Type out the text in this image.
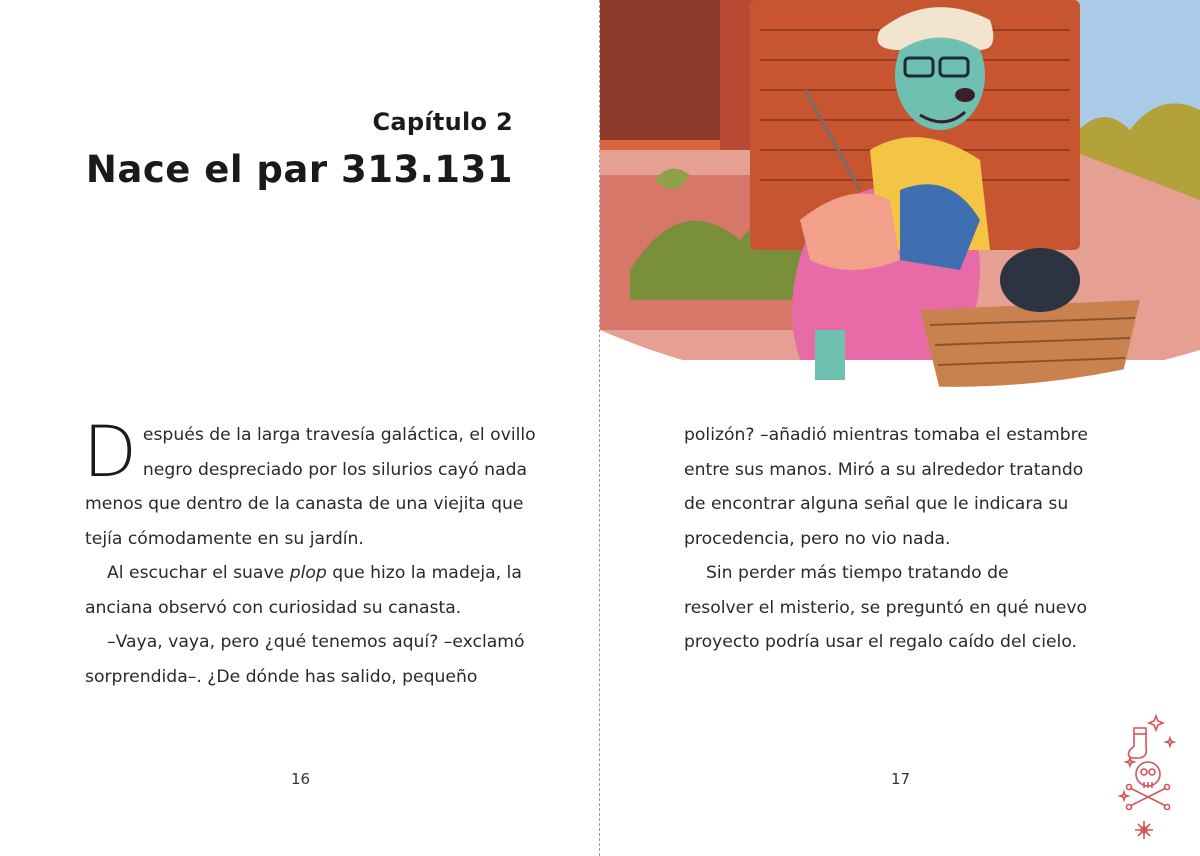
Capítulo 2
Nace el par 313.131
D espués de la larga travesía galáctica, el ovillo
negro despreciado por los silurios cayó nada
menos que dentro de la canasta de una viejita que
tejía cómodamente en su jardín.
Al escuchar el suave plop que hizo la madeja, la
anciana observó con curiosidad su canasta.
–Vaya, vaya, pero ¿qué tenemos aquí? –exclamó
sorprendida–. ¿De dónde has salido, pequeño
16
polizón? –añadió mientras tomaba el estambre
entre sus manos. Miró a su alrededor tratando
de encontrar alguna señal que le indicara su
procedencia, pero no vio nada.
Sin perder más tiempo tratando de
resolver el misterio, se preguntó en qué nuevo
proyecto podría usar el regalo caído del cielo.
17
